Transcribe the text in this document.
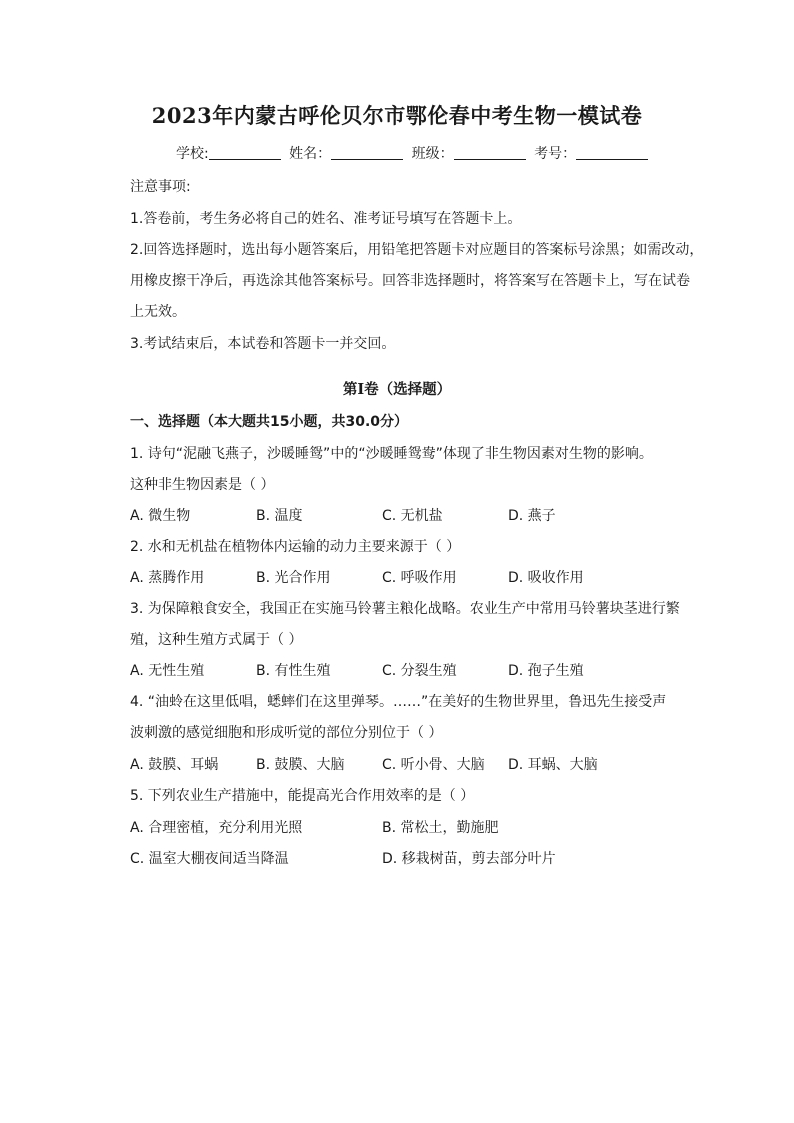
2023年内蒙古呼伦贝尔市鄂伦春中考生物一模试卷
学校:	姓名：	班级：	考号：
注意事项:
1.答卷前，考生务必将自己的姓名、准考证号填写在答题卡上。
2.回答选择题时，选出每小题答案后，用铅笔把答题卡对应题目的答案标号涂黑；如需改动，
用橡皮擦干净后，再选涂其他答案标号。回答非选择题时，将答案写在答题卡上，写在试卷
上无效。
3.考试结束后，本试卷和答题卡一并交回。
第I卷（选择题）
一、选择题（本大题共15小题，共30.0分）
1. 诗句“泥融飞燕子，沙暖睡鸳”中的“沙暖睡鸳鸯”体现了非生物因素对生物的影响。
这种非生物因素是（ ）
A. 微生物	B. 温度	C. 无机盐	D. 燕子
2. 水和无机盐在植物体内运输的动力主要来源于（ ）
A. 蒸腾作用	B. 光合作用	C. 呼吸作用	D. 吸收作用
3. 为保障粮食安全，我国正在实施马铃薯主粮化战略。农业生产中常用马铃薯块茎进行繁
殖，这种生殖方式属于（ ）
A. 无性生殖	B. 有性生殖	C. 分裂生殖	D. 孢子生殖
4. “油蛉在这里低唱，蟋蟀们在这里弹琴。……”在美好的生物世界里，鲁迅先生接受声
波刺激的感觉细胞和形成听觉的部位分别位于（ ）
A. 鼓膜、耳蜗	B. 鼓膜、大脑	C. 听小骨、大脑 D. 耳蜗、大脑
5. 下列农业生产措施中，能提高光合作用效率的是（ ）
A. 合理密植，充分利用光照	B. 常松土，勤施肥
C. 温室大棚夜间适当降温	D. 移栽树苗，剪去部分叶片
